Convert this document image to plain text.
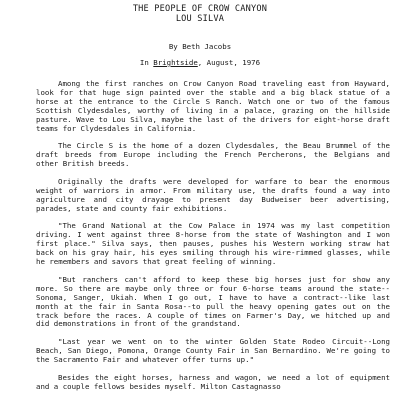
THE PEOPLE OF CROW CANYON
LOU SILVA
By Beth Jacobs
In Brightside, August, 1976

Among the first ranches on Crow Canyon Road traveling east from Hayward, look for that huge sign painted over the stable and a big black statue of a horse at the entrance to the Circle S Ranch. Watch one or two of the famous Scottish Clydesdales, worthy of living in a palace, grazing on the hillside pasture. Wave to Lou Silva, maybe the last of the drivers for eight-horse draft teams for Clydesdales in California.

The Circle S is the home of a dozen Clydesdales, the Beau Brummel of the draft breeds from Europe including the French Percherons, the Belgians and other British breeds.

Originally the drafts were developed for warfare to bear the enormous weight of warriors in armor. From military use, the drafts found a way into agriculture and city drayage to present day Budweiser beer advertising, parades, state and county fair exhibitions.

"The Grand National at the Cow Palace in 1974 was my last competition driving. I went against three 8-horse from the state of Washington and I won first place." Silva says, then pauses, pushes his Western working straw hat back on his gray hair, his eyes smiling through his wire-rimmed glasses, while he remembers and savors that great feeling of winning.

"But ranchers can't afford to keep these big horses just for show any more. So there are maybe only three or four 6-horse teams around the state--Sonoma, Sanger, Ukiah. When I go out, I have to have a contract--like last month at the fair in Santa Rosa--to pull the heavy opening gates out on the track before the races. A couple of times on Farmer's Day, we hitched up and did demonstrations in front of the grandstand.

"Last year we went on to the winter Golden State Rodeo Circuit--Long Beach, San Diego, Pomona, Orange County Fair in San Bernardino. We're going to the Sacramento Fair and whatever offer turns up."

Besides the eight horses, harness and wagon, we need a lot of equipment and a couple fellows besides myself. Milton Castagnasso
